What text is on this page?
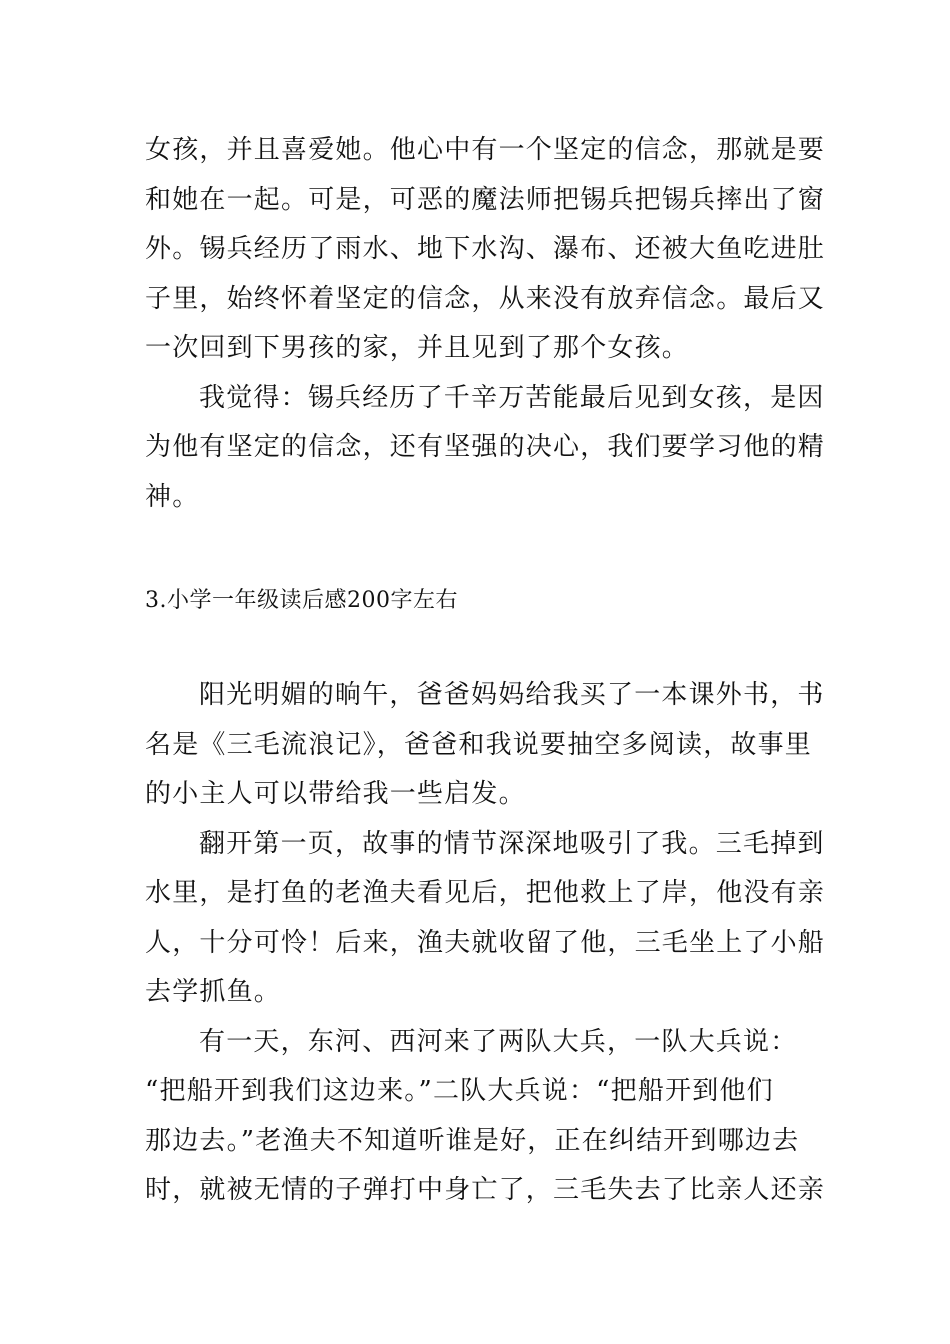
女孩，并且喜爱她。他心中有一个坚定的信念，那就是要
和她在一起。可是，可恶的魔法师把锡兵把锡兵摔出了窗
外。锡兵经历了雨水、地下水沟、瀑布、还被大鱼吃进肚
子里，始终怀着坚定的信念，从来没有放弃信念。最后又
一次回到下男孩的家，并且见到了那个女孩。
我觉得：锡兵经历了千辛万苦能最后见到女孩，是因
为他有坚定的信念，还有坚强的决心，我们要学习他的精
神。
3.小学一年级读后感200字左右
阳光明媚的晌午，爸爸妈妈给我买了一本课外书，书
名是《三毛流浪记》，爸爸和我说要抽空多阅读，故事里
的小主人可以带给我一些启发。
翻开第一页，故事的情节深深地吸引了我。三毛掉到
水里，是打鱼的老渔夫看见后，把他救上了岸，他没有亲
人，十分可怜！后来，渔夫就收留了他，三毛坐上了小船
去学抓鱼。
有一天，东河、西河来了两队大兵，一队大兵说：
“把船开到我们这边来。”二队大兵说：“把船开到他们
那边去。”老渔夫不知道听谁是好，正在纠结开到哪边去
时，就被无情的子弹打中身亡了，三毛失去了比亲人还亲
